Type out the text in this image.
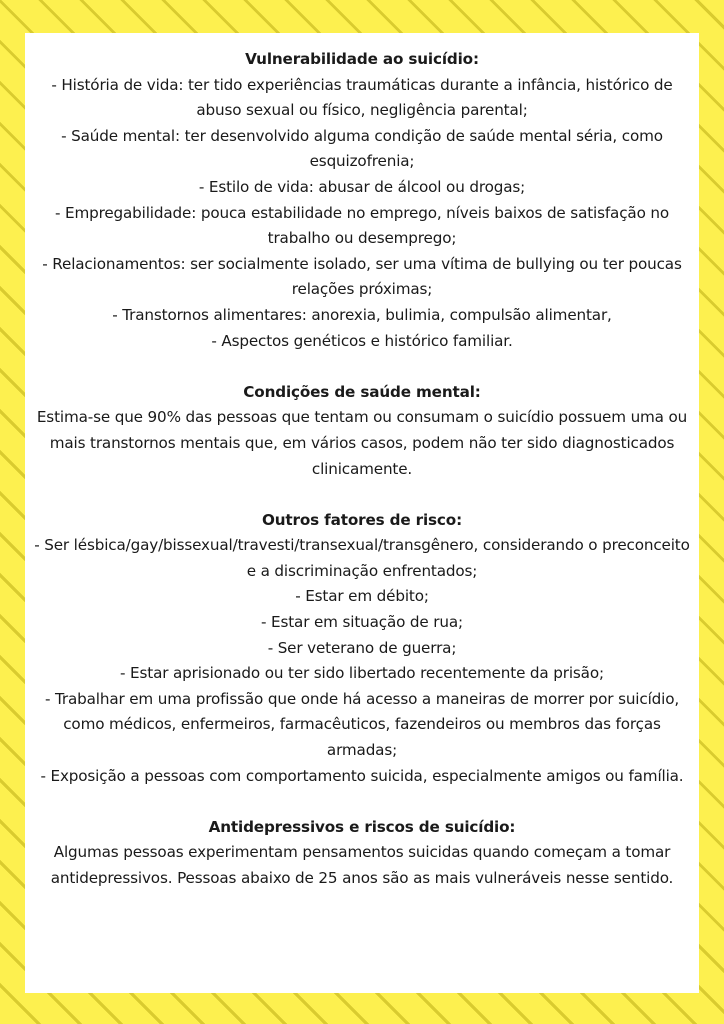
Vulnerabilidade ao suicídio:

- História de vida: ter tido experiências traumáticas durante a infância, histórico de abuso sexual ou físico, negligência parental;

- Saúde mental: ter desenvolvido alguma condição de saúde mental séria, como esquizofrenia;

- Estilo de vida: abusar de álcool ou drogas;

- Empregabilidade: pouca estabilidade no emprego, níveis baixos de satisfação no trabalho ou desemprego;

- Relacionamentos: ser socialmente isolado, ser uma vítima de bullying ou ter poucas relações próximas;

- Transtornos alimentares: anorexia, bulimia, compulsão alimentar,

- Aspectos genéticos e histórico familiar.

Condições de saúde mental:

Estima-se que 90% das pessoas que tentam ou consumam o suicídio possuem uma ou mais transtornos mentais que, em vários casos, podem não ter sido diagnosticados clinicamente.

Outros fatores de risco:

- Ser lésbica/gay/bissexual/travesti/transexual/transgênero, considerando o preconceito e a discriminação enfrentados;

- Estar em débito;

- Estar em situação de rua;

- Ser veterano de guerra;

- Estar aprisionado ou ter sido libertado recentemente da prisão;

- Trabalhar em uma profissão que onde há acesso a maneiras de morrer por suicídio, como médicos, enfermeiros, farmacêuticos, fazendeiros ou membros das forças armadas;

- Exposição a pessoas com comportamento suicida, especialmente amigos ou família.

Antidepressivos e riscos de suicídio:

Algumas pessoas experimentam pensamentos suicidas quando começam a tomar antidepressivos. Pessoas abaixo de 25 anos são as mais vulneráveis nesse sentido.
